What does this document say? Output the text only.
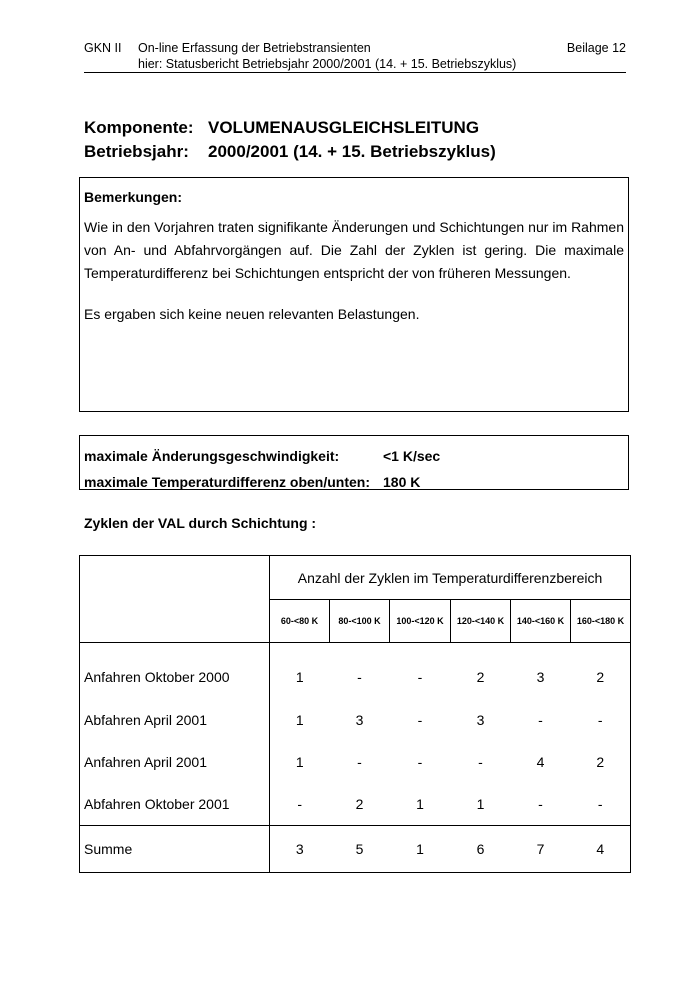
GKN II On-line Erfassung der Betriebstransienten
hier: Statusbericht Betriebsjahr 2000/2001 (14. + 15. Betriebszyklus)
Beilage 12
Komponente: VOLUMENAUSGLEICHSLEITUNG
Betriebsjahr: 2000/2001 (14. + 15. Betriebszyklus)
Bemerkungen:

Wie in den Vorjahren traten signifikante Änderungen und Schichtungen nur im Rahmen von An- und Abfahrvorgängen auf. Die Zahl der Zyklen ist gering. Die maximale Temperaturdifferenz bei Schichtungen entspricht der von früheren Messungen.

Es ergaben sich keine neuen relevanten Belastungen.

maximale Änderungsgeschwindigkeit:	<1 K/sec
maximale Temperaturdifferenz oben/unten: 180 K
Zyklen der VAL durch Schichtung :
	Anzahl der Zyklen im Temperaturdifferenzbereich					
	60-<80 K	80-<100 K	100-<120 K	120-<140 K	140-<160 K	160-<180 K
Anfahren Oktober 2000	1	-	-	2	3	2
Abfahren April 2001	1	3	-	3	-	-
Anfahren April 2001	1	-	-	-	4	2
Abfahren Oktober 2001	-	2	1	1	-	-
Summe	3	5	1	6	7	4
